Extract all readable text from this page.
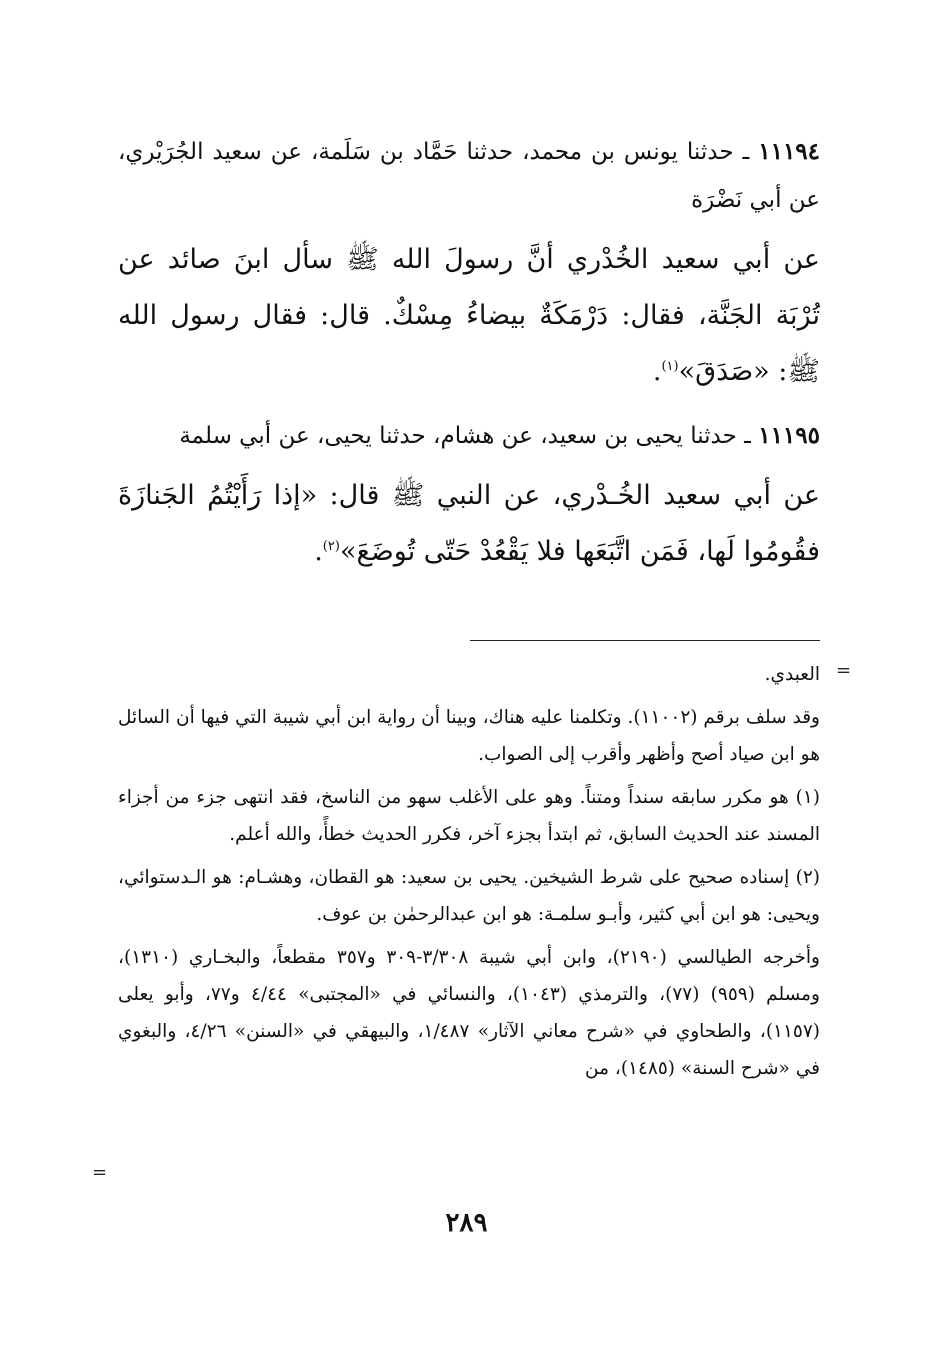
١١١٩٤ ـ حدثنا يونس بن محمد، حدثنا حَمَّاد بن سَلَمة، عن سعيد الجُرَيْري، عن أبي نَضْرَة

عن أبي سعيد الخُدْري أنَّ رسولَ الله ﷺ سأل ابنَ صائد عن تُرْبَة الجَنَّة، فقال: دَرْمَكَةٌ بيضاءُ مِسْكٌ. قال: فقال رسول الله ﷺ: «صَدَقَ»$^{(١)}$.

١١١٩٥ ـ حدثنا يحيى بن سعيد، عن هشام، حدثنا يحيى، عن أبي سلمة

عن أبي سعيد الخُـدْري، عن النبي ﷺ قال: «إذا رَأَيْتُمُ الجَنازَةَ فقُومُوا لَها، فَمَن اتَّبَعَها فلا يَقْعُدْ حَتّى تُوضَعَ»$^{(٢)}$.

=

العبدي.

وقد سلف برقم (١١٠٠٢). وتكلمنا عليه هناك، وبينا أن رواية ابن أبي شيبة التي فيها أن السائل هو ابن صياد أصح وأظهر وأقرب إلى الصواب.

(١) هو مكرر سابقه سنداً ومتناً. وهو على الأغلب سهو من الناسخ، فقد انتهى جزء من أجزاء المسند عند الحديث السابق، ثم ابتدأ بجزء آخر، فكرر الحديث خطأً، والله أعلم.

(٢) إسناده صحيح على شرط الشيخين. يحيى بن سعيد: هو القطان، وهشـام: هو الـدستوائي، ويحيى: هو ابن أبي كثير، وأبـو سلمـة: هو ابن عبدالرحمٰن بن عوف.

وأخرجه الطيالسي (٢١٩٠)، وابن أبي شيبة ٣/٣٠٨-٣٠٩ و٣٥٧ مقطعاً، والبخـاري (١٣١٠)، ومسلم (٩٥٩) (٧٧)، والترمذي (١٠٤٣)، والنسائي في «المجتبى» ٤/٤٤ و٧٧، وأبو يعلى (١١٥٧)، والطحاوي في «شرح معاني الآثار» ١/٤٨٧، والبيهقي في «السنن» ٤/٢٦، والبغوي في «شرح السنة» (١٤٨٥)، من

=
٢٨٩
